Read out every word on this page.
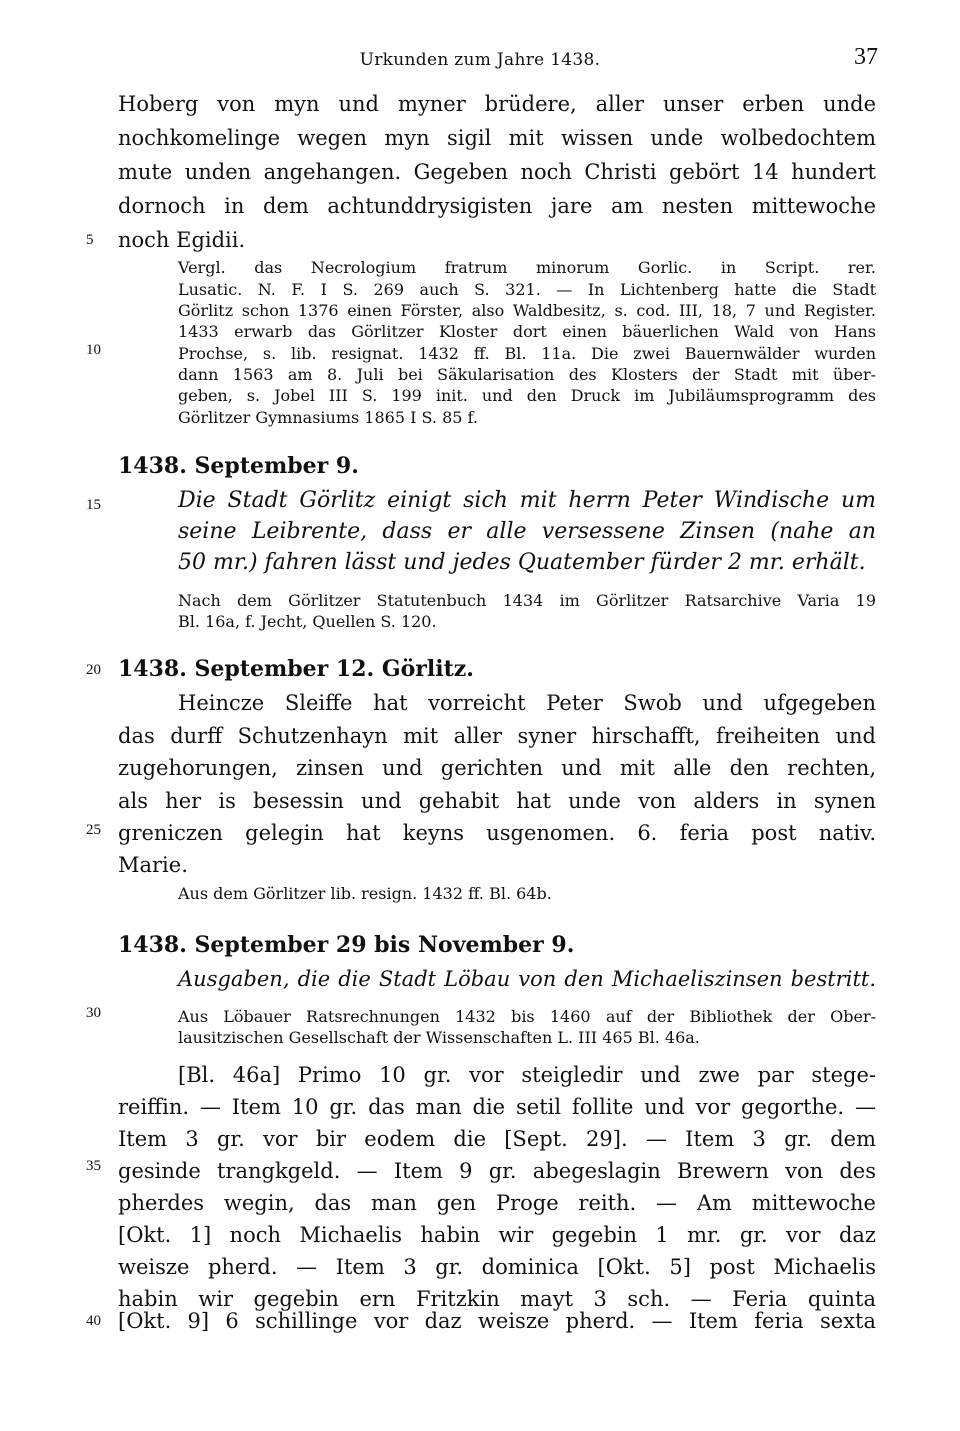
Urkunden zum Jahre 1438.	37
5
10
15
20
25
30
35
40

Hoberg von myn und myner brüdere, aller unser erben unde

nochkomelinge wegen myn sigil mit wissen unde wolbedochtem

mute unden angehangen. Gegeben noch Christi gebört 14 hundert

dornoch in dem achtunddrysigisten jare am nesten mittewoche

noch Egidii.

Vergl. das Necrologium fratrum minorum Gorlic. in Script. rer.

Lusatic. N. F. I S. 269 auch S. 321. — In Lichtenberg hatte die Stadt

Görlitz schon 1376 einen Förster, also Waldbesitz, s. cod. III, 18, 7 und Register.

1433 erwarb das Görlitzer Kloster dort einen bäuerlichen Wald von Hans

Prochse, s. lib. resignat. 1432 ff. Bl. 11a. Die zwei Bauernwälder wurden

dann 1563 am 8. Juli bei Säkularisation des Klosters der Stadt mit über-

geben, s. Jobel III S. 199 init. und den Druck im Jubiläumsprogramm des

Görlitzer Gymnasiums 1865 I S. 85 f.

1438. September 9.

Die Stadt Görlitz einigt sich mit herrn Peter Windische um

seine Leibrente, dass er alle versessene Zinsen (nahe an

50 mr.) fahren lässt und jedes Quatember fürder 2 mr. erhält.

Nach dem Görlitzer Statutenbuch 1434 im Görlitzer Ratsarchive Varia 19

Bl. 16a, f. Jecht, Quellen S. 120.

1438. September 12. Görlitz.

Heincze Sleiffe hat vorreicht Peter Swob und ufgegeben

das durff Schutzenhayn mit aller syner hirschafft, freiheiten und

zugehorungen, zinsen und gerichten und mit alle den rechten,

als her is besessin und gehabit hat unde von alders in synen

greniczen gelegin hat keyns usgenomen. 6. feria post nativ.

Marie.

Aus dem Görlitzer lib. resign. 1432 ff. Bl. 64b.

1438. September 29 bis November 9.

Ausgaben, die die Stadt Löbau von den Michaeliszinsen bestritt.

Aus Löbauer Ratsrechnungen 1432 bis 1460 auf der Bibliothek der Ober-

lausitzischen Gesellschaft der Wissenschaften L. III 465 Bl. 46a.

[Bl. 46a] Primo 10 gr. vor steigledir und zwe par stege-

reiffin. — Item 10 gr. das man die setil follite und vor gegorthe. —

Item 3 gr. vor bir eodem die [Sept. 29]. — Item 3 gr. dem

gesinde trangkgeld. — Item 9 gr. abegeslagin Brewern von des

pherdes wegin, das man gen Proge reith. — Am mittewoche

[Okt. 1] noch Michaelis habin wir gegebin 1 mr. gr. vor daz

weisze pherd. — Item 3 gr. dominica [Okt. 5] post Michaelis

habin wir gegebin ern Fritzkin mayt 3 sch. — Feria quinta

[Okt. 9] 6 schillinge vor daz weisze pherd. — Item feria sexta
